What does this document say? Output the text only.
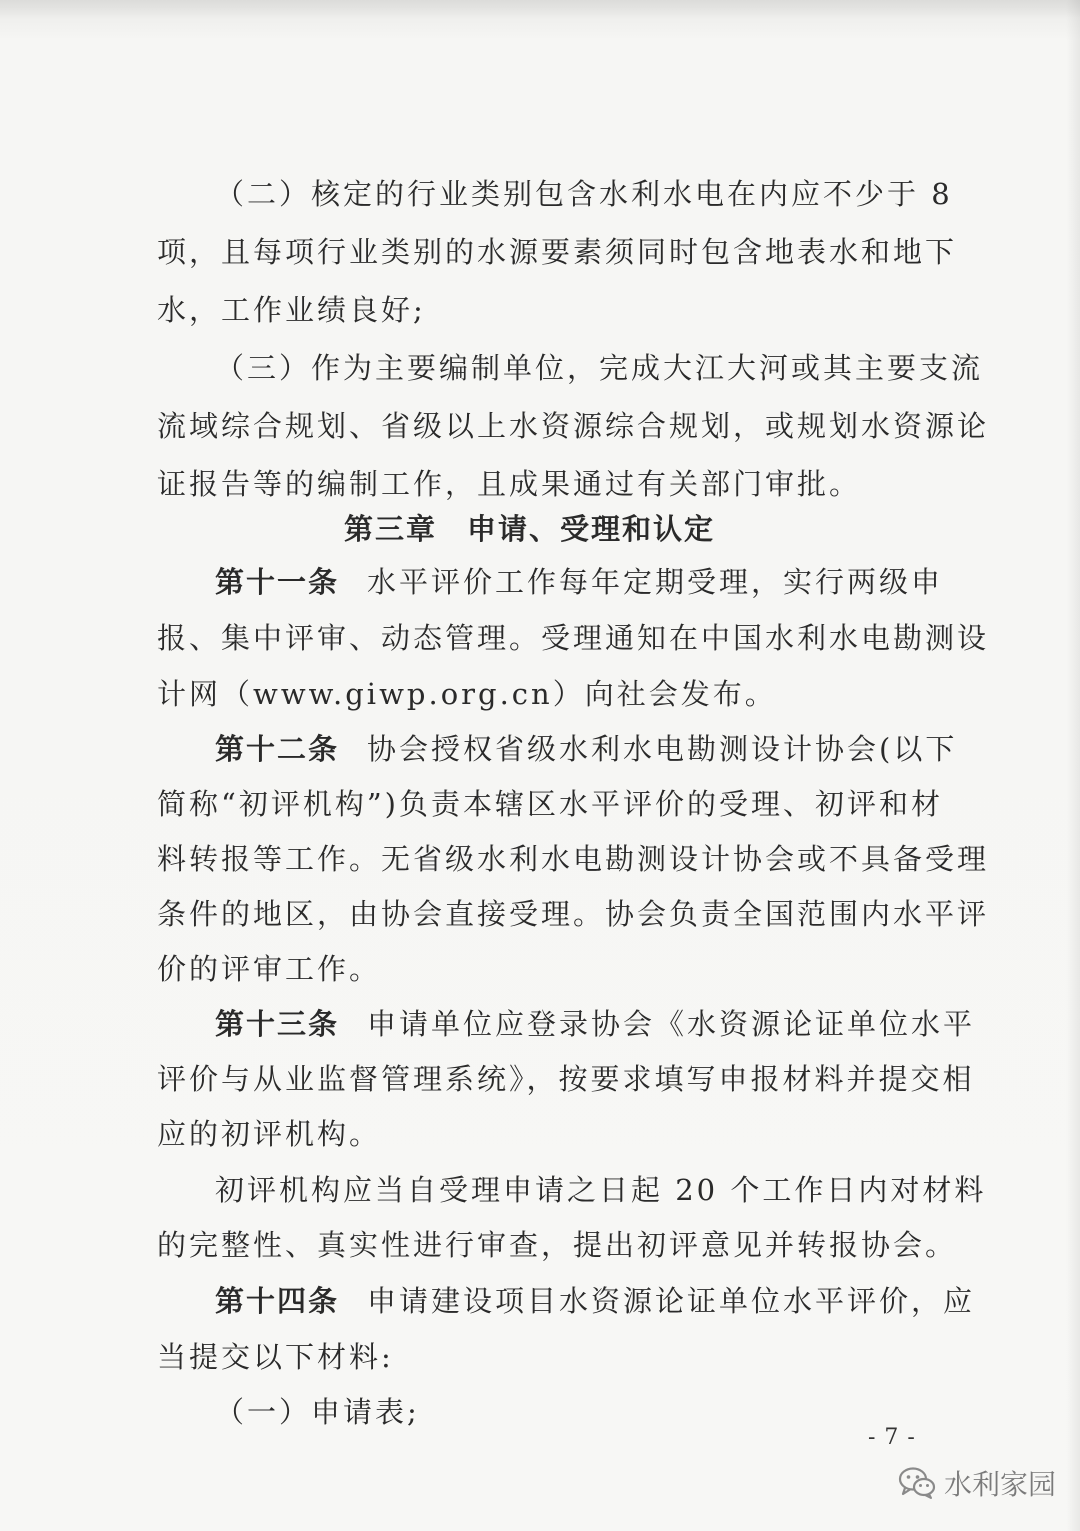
（二）核定的行业类别包含水利水电在内应不少于 8
项，且每项行业类别的水源要素须同时包含地表水和地下
水，工作业绩良好;
（三）作为主要编制单位，完成大江大河或其主要支流
流域综合规划、省级以上水资源综合规划，或规划水资源论
证报告等的编制工作，且成果通过有关部门审批。
第三章 申请、受理和认定
第十一条 水平评价工作每年定期受理，实行两级申
报、集中评审、动态管理。受理通知在中国水利水电勘测设
计网（www.giwp.org.cn）向社会发布。
第十二条 协会授权省级水利水电勘测设计协会(以下
简称“初评机构”)负责本辖区水平评价的受理、初评和材
料转报等工作。无省级水利水电勘测设计协会或不具备受理
条件的地区，由协会直接受理。协会负责全国范围内水平评
价的评审工作。
第十三条 申请单位应登录协会《水资源论证单位水平
评价与从业监督管理系统》，按要求填写申报材料并提交相
应的初评机构。
初评机构应当自受理申请之日起 20 个工作日内对材料
的完整性、真实性进行审查，提出初评意见并转报协会。
第十四条 申请建设项目水资源论证单位水平评价，应
当提交以下材料:
（一）申请表;
- 7 -
水利家园
